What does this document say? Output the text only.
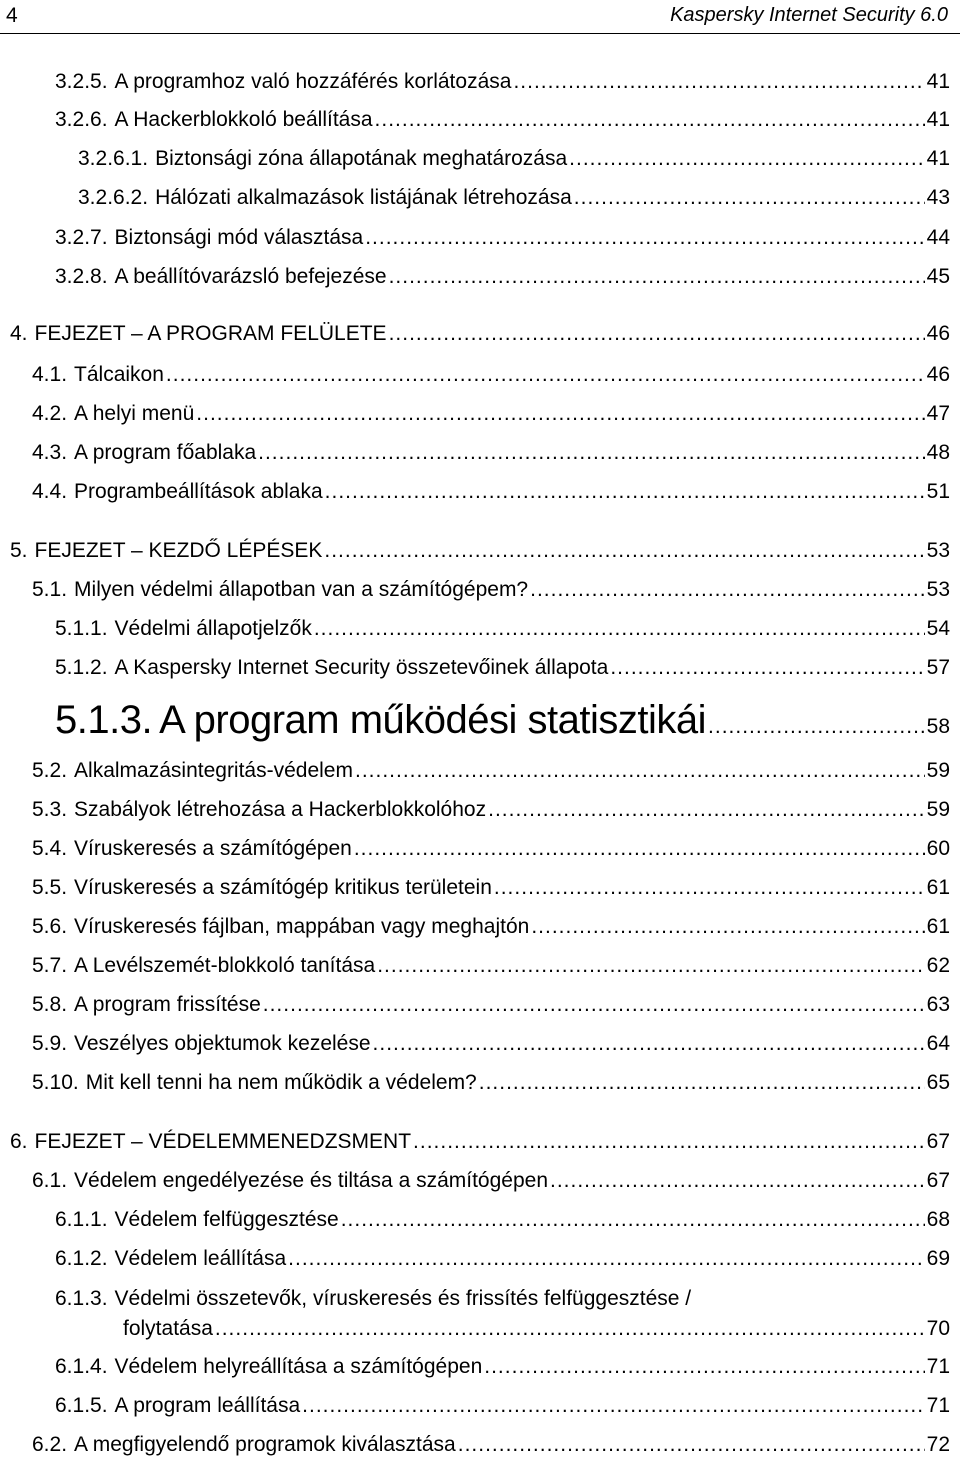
4	Kaspersky Internet Security 6.0
3.2.5. A programhoz való hozzáférés korlátozása .....	41
3.2.6. A Hackerblokkoló beállítása .....	41
3.2.6.1. Biztonsági zóna állapotának meghatározása .....	41
3.2.6.2. Hálózati alkalmazások listájának létrehozása .....	43
3.2.7. Biztonsági mód választása .....	44
3.2.8. A beállítóvarázsló befejezése .....	45
4. FEJEZET – A PROGRAM FELÜLETE .....	46
4.1. Tálcaikon .....	46
4.2. A helyi menü .....	47
4.3. A program főablaka .....	48
4.4. Programbeállítások ablaka .....	51
5. FEJEZET – KEZDŐ LÉPÉSEK .....	53
5.1. Milyen védelmi állapotban van a számítógépem? .....	53
5.1.1. Védelmi állapotjelzők .....	54
5.1.2. A Kaspersky Internet Security összetevőinek állapota .....	57
5.1.3. A program működési statisztikái .....	58
5.2. Alkalmazásintegritás-védelem .....	59
5.3. Szabályok létrehozása a Hackerblokkolóhoz .....	59
5.4. Víruskeresés a számítógépen .....	60
5.5. Víruskeresés a számítógép kritikus területein .....	61
5.6. Víruskeresés fájlban, mappában vagy meghajtón .....	61
5.7. A Levélszemét-blokkoló tanítása .....	62
5.8. A program frissítése .....	63
5.9. Veszélyes objektumok kezelése .....	64
5.10. Mit kell tenni ha nem működik a védelem? .....	65
6. FEJEZET – VÉDELEMMENEDZSMENT .....	67
6.1. Védelem engedélyezése és tiltása a számítógépen .....	67
6.1.1. Védelem felfüggesztése .....	68
6.1.2. Védelem leállítása .....	69
6.1.3. Védelmi összetevők, víruskeresés és frissítés felfüggesztése /
folytatása .....	70
6.1.4. Védelem helyreállítása a számítógépen .....	71
6.1.5. A program leállítása .....	71
6.2. A megfigyelendő programok kiválasztása .....	72
